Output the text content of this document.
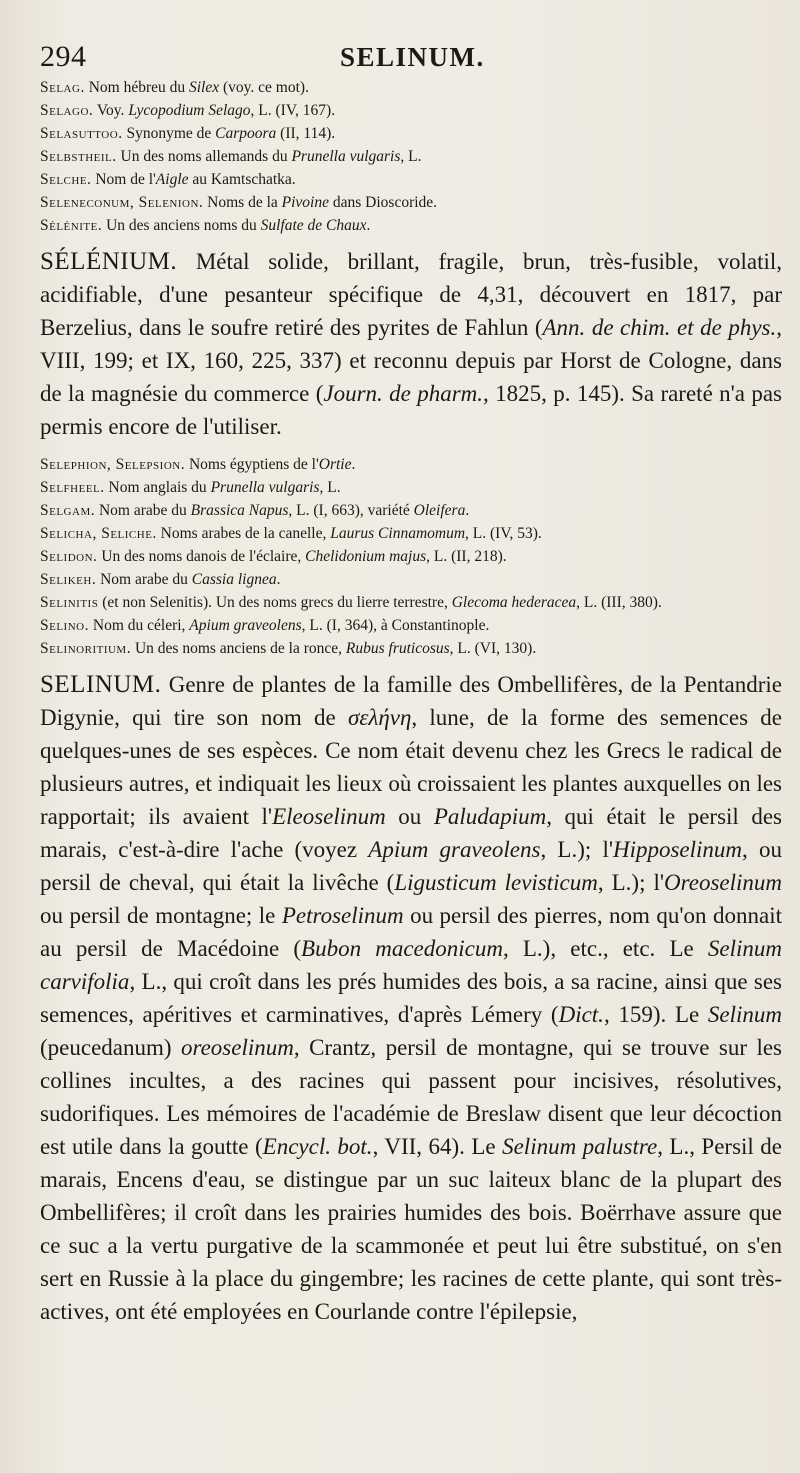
294	SELINUM.

Selag. Nom hébreu du Silex (voy. ce mot).

Selago. Voy. Lycopodium Selago, L. (IV, 167).

Selasuttoo. Synonyme de Carpoora (II, 114).

Selbstheil. Un des noms allemands du Prunella vulgaris, L.

Selche. Nom de l'Aigle au Kamtschatka.

Seleneconum, Selenion. Noms de la Pivoine dans Dioscoride.

Sélénite. Un des anciens noms du Sulfate de Chaux.

SÉLÉNIUM. Métal solide, brillant, fragile, brun, très-fusible, volatil, acidifiable, d'une pesanteur spécifique de 4,31, découvert en 1817, par Berzelius, dans le soufre retiré des pyrites de Fahlun (Ann. de chim. et de phys., VIII, 199; et IX, 160, 225, 337) et reconnu depuis par Horst de Cologne, dans de la magnésie du commerce (Journ. de pharm., 1825, p. 145). Sa rareté n'a pas permis encore de l'utiliser.

Selephion, Selepsion. Noms égyptiens de l'Ortie.

Selfheel. Nom anglais du Prunella vulgaris, L.

Selgam. Nom arabe du Brassica Napus, L. (I, 663), variété Oleifera.

Selicha, Seliche. Noms arabes de la canelle, Laurus Cinnamomum, L. (IV, 53).

Selidon. Un des noms danois de l'éclaire, Chelidonium majus, L. (II, 218).

Selikeh. Nom arabe du Cassia lignea.

Selinitis (et non Selenitis). Un des noms grecs du lierre terrestre, Glecoma hederacea, L. (III, 380).

Selino. Nom du céleri, Apium graveolens, L. (I, 364), à Constantinople.

Selinoritium. Un des noms anciens de la ronce, Rubus fruticosus, L. (VI, 130).

SELINUM. Genre de plantes de la famille des Ombellifères, de la Pentandrie Digynie, qui tire son nom de σελήνη, lune, de la forme des semences de quelques-unes de ses espèces. Ce nom était devenu chez les Grecs le radical de plusieurs autres, et indiquait les lieux où croissaient les plantes auxquelles on les rapportait; ils avaient l'Eleoselinum ou Paludapium, qui était le persil des marais, c'est-à-dire l'ache (voyez Apium graveolens, L.); l'Hipposelinum, ou persil de cheval, qui était la livêche (Ligusticum levisticum, L.); l'Oreoselinum ou persil de montagne; le Petroselinum ou persil des pierres, nom qu'on donnait au persil de Macédoine (Bubon macedonicum, L.), etc., etc. Le Selinum carvifolia, L., qui croît dans les prés humides des bois, a sa racine, ainsi que ses semences, apéritives et carminatives, d'après Lémery (Dict., 159). Le Selinum (peucedanum) oreoselinum, Crantz, persil de montagne, qui se trouve sur les collines incultes, a des racines qui passent pour incisives, résolutives, sudorifiques. Les mémoires de l'académie de Breslaw disent que leur décoction est utile dans la goutte (Encycl. bot., VII, 64). Le Selinum palustre, L., Persil de marais, Encens d'eau, se distingue par un suc laiteux blanc de la plupart des Ombellifères; il croît dans les prairies humides des bois. Boërrhave assure que ce suc a la vertu purgative de la scammonée et peut lui être substitué, on s'en sert en Russie à la place du gingembre; les racines de cette plante, qui sont très-actives, ont été employées en Courlande contre l'épilepsie,
